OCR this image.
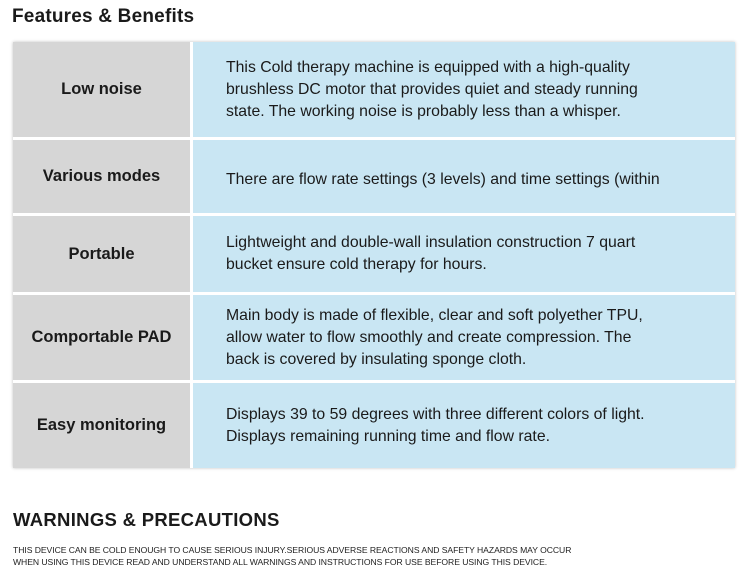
Features & Benefits
Low noise
This Cold therapy machine is equipped with a high-quality
brushless DC motor that provides quiet and steady running
state. The working noise is probably less than a whisper.
Various modes	There are flow rate settings (3 levels) and time settings (within
Portable
Lightweight and double-wall insulation construction 7 quart
bucket ensure cold therapy for hours.
Comportable PAD
Main body is made of flexible, clear and soft polyether TPU,
allow water to flow smoothly and create compression. The
back is covered by insulating sponge cloth.
Easy monitoring
Displays 39 to 59 degrees with three different colors of light.
Displays remaining running time and flow rate.
WARNINGS & PRECAUTIONS
THIS DEVICE CAN BE COLD ENOUGH TO CAUSE SERIOUS INJURY.SERIOUS ADVERSE REACTIONS AND SAFETY HAZARDS MAY OCCUR
WHEN USING THIS DEVICE READ AND UNDERSTAND ALL WARNINGS AND INSTRUCTIONS FOR USE BEFORE USING THIS DEVICE.
